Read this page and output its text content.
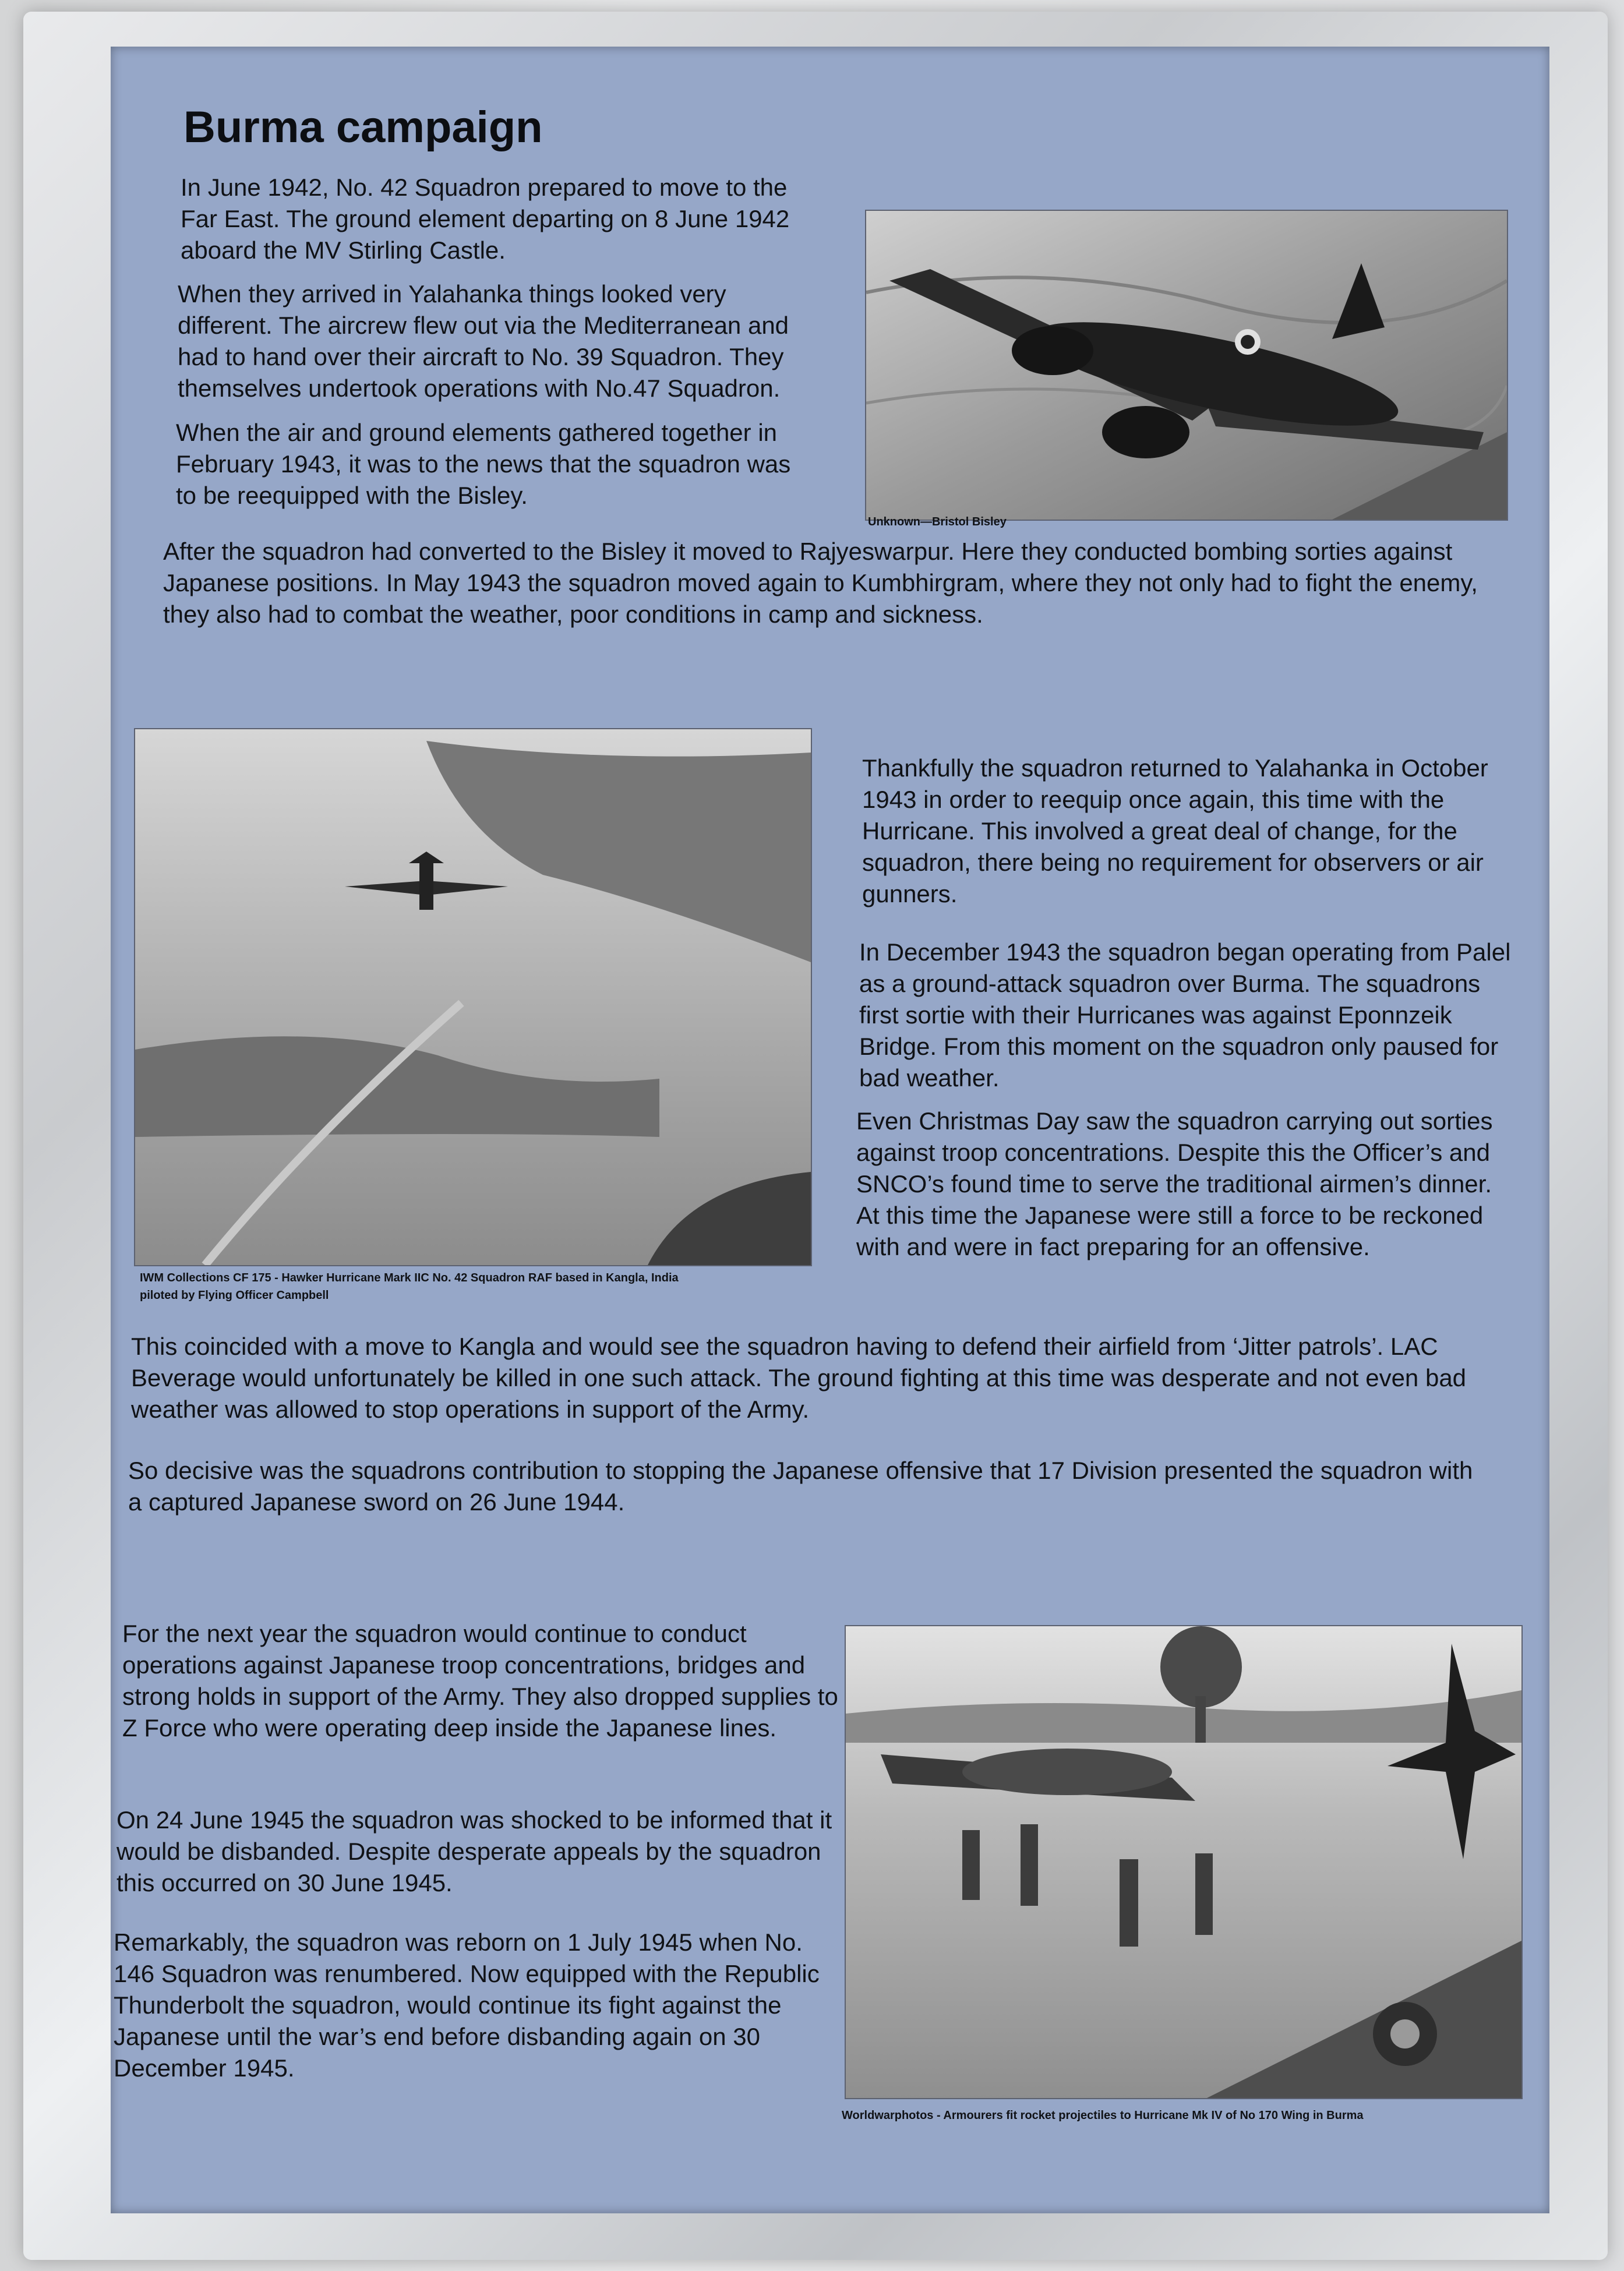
Burma campaign

In June 1942, No. 42 Squadron prepared to move to the Far East. The ground element departing on 8 June 1942 aboard the MV Stirling Castle.

When they arrived in Yalahanka things looked very different. The aircrew flew out via the Mediterranean and had to hand over their aircraft to No. 39 Squadron. They themselves undertook operations with No.47 Squadron.

When the air and ground elements gathered together in February 1943, it was to the news that the squadron was to be reequipped with the Bisley.

Unknown—Bristol Bisley

After the squadron had converted to the Bisley it moved to Rajyeswarpur. Here they conducted bombing sorties against Japanese positions. In May 1943 the squadron moved again to Kumbhirgram, where they not only had to fight the enemy, they also had to combat the weather, poor conditions in camp and sickness.

IWM Collections CF 175 - Hawker Hurricane Mark IIC No. 42 Squadron RAF based in Kangla, India
piloted by Flying Officer Campbell

Thankfully the squadron returned to Yalahanka in October 1943 in order to reequip once again, this time with the Hurricane. This involved a great deal of change, for the squadron, there being no requirement for observers or air gunners.

In December 1943 the squadron began operating from Palel as a ground-attack squadron over Burma. The squadrons first sortie with their Hurricanes was against Eponnzeik Bridge. From this moment on the squadron only paused for bad weather.

Even Christmas Day saw the squadron carrying out sorties against troop concentrations. Despite this the Officer’s and SNCO’s found time to serve the traditional airmen’s dinner. At this time the Japanese were still a force to be reckoned with and were in fact preparing for an offensive.

This coincided with a move to Kangla and would see the squadron having to defend their airfield from ‘Jitter patrols’. LAC Beverage would unfortunately be killed in one such attack. The ground fighting at this time was desperate and not even bad weather was allowed to stop operations in support of the Army.

So decisive was the squadrons contribution to stopping the Japanese offensive that 17 Division presented the squadron with a captured Japanese sword on 26 June 1944.

For the next year the squadron would continue to conduct operations against Japanese troop concentrations, bridges and strong holds in support of the Army. They also dropped supplies to Z Force who were operating deep inside the Japanese lines.

On 24 June 1945 the squadron was shocked to be informed that it would be disbanded. Despite desperate appeals by the squadron this occurred on 30 June 1945.

Remarkably, the squadron was reborn on 1 July 1945 when No. 146 Squadron was renumbered. Now equipped with the Republic Thunderbolt the squadron, would continue its fight against the Japanese until the war’s end before disbanding again on 30 December 1945.

Worldwarphotos - Armourers fit rocket projectiles to Hurricane Mk IV of No 170 Wing in Burma
